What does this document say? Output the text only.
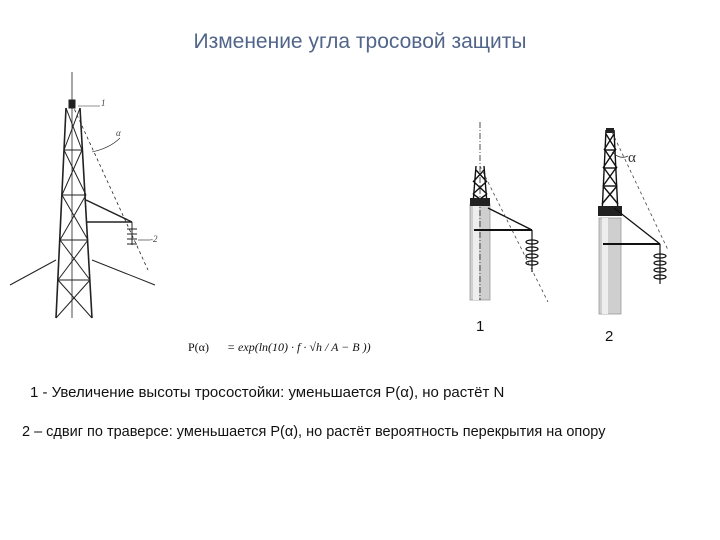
Изменение угла тросовой защиты
1
α
-2
α
1
2
P(α) = exp(ln(10) · f · √h / A − B ))
1 - Увеличение высоты тросостойки: уменьшается P(α), но растёт N
2 – сдвиг по траверсе: уменьшается P(α), но растёт вероятность перекрытия на опору
